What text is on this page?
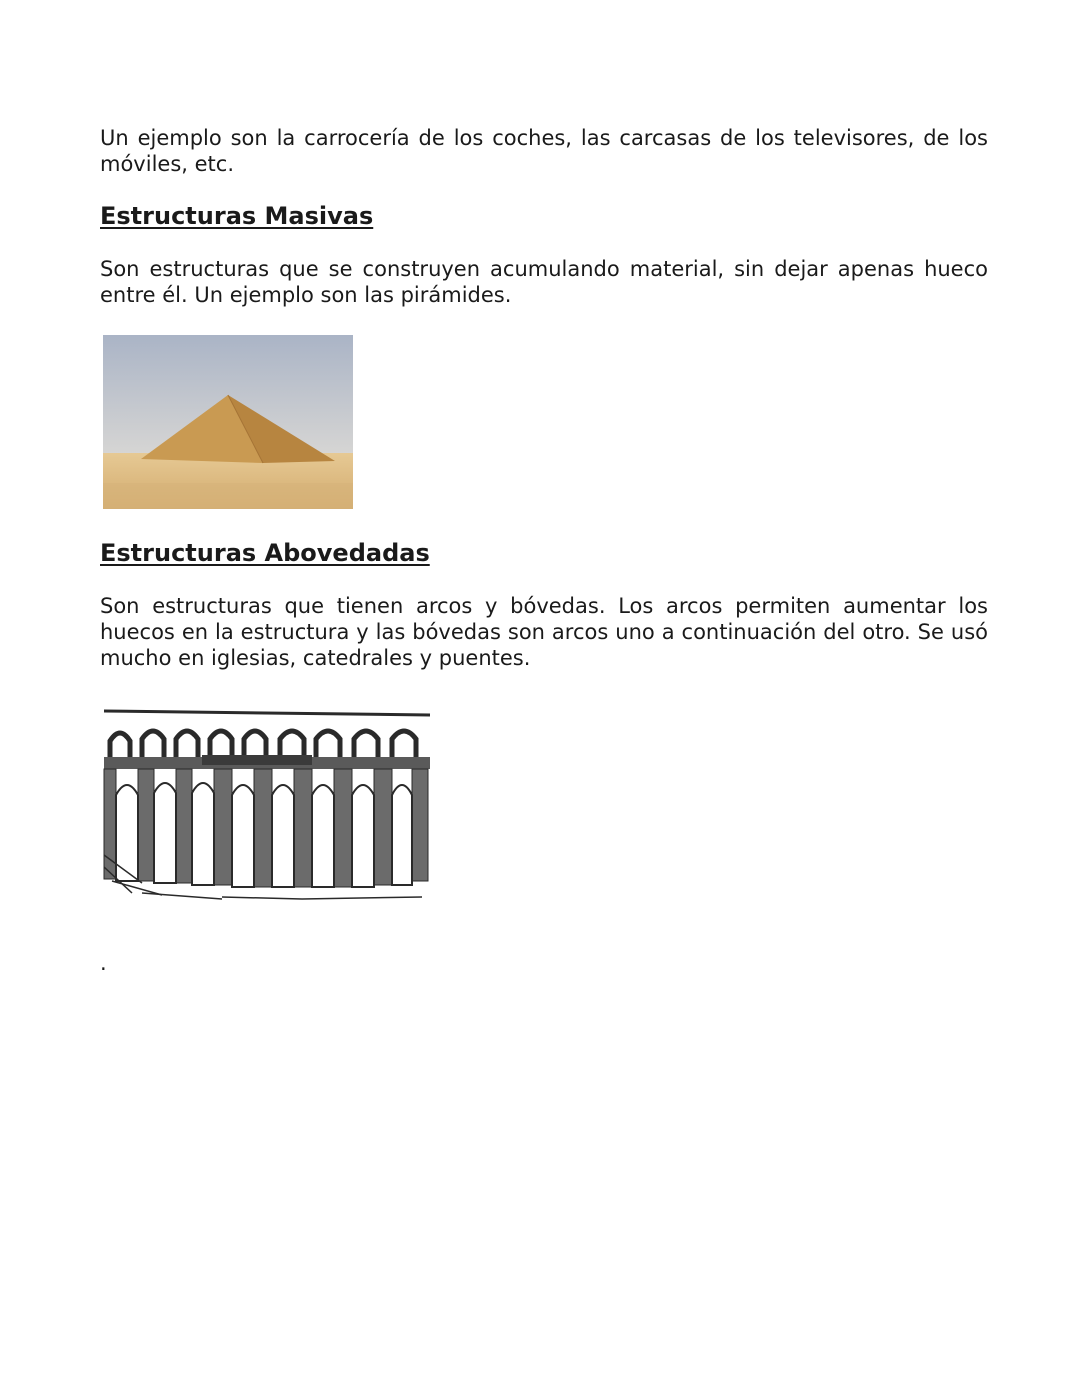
Un ejemplo son la carrocería de los coches, las carcasas de los televisores, de los móviles, etc.

Estructuras Masivas

Son estructuras que se construyen acumulando material, sin dejar apenas hueco entre él. Un ejemplo son las pirámides.

Estructuras Abovedadas

Son estructuras que tienen arcos y bóvedas. Los arcos permiten aumentar los huecos en la estructura y las bóvedas son arcos uno a continuación del otro. Se usó mucho en iglesias, catedrales y puentes.

.
